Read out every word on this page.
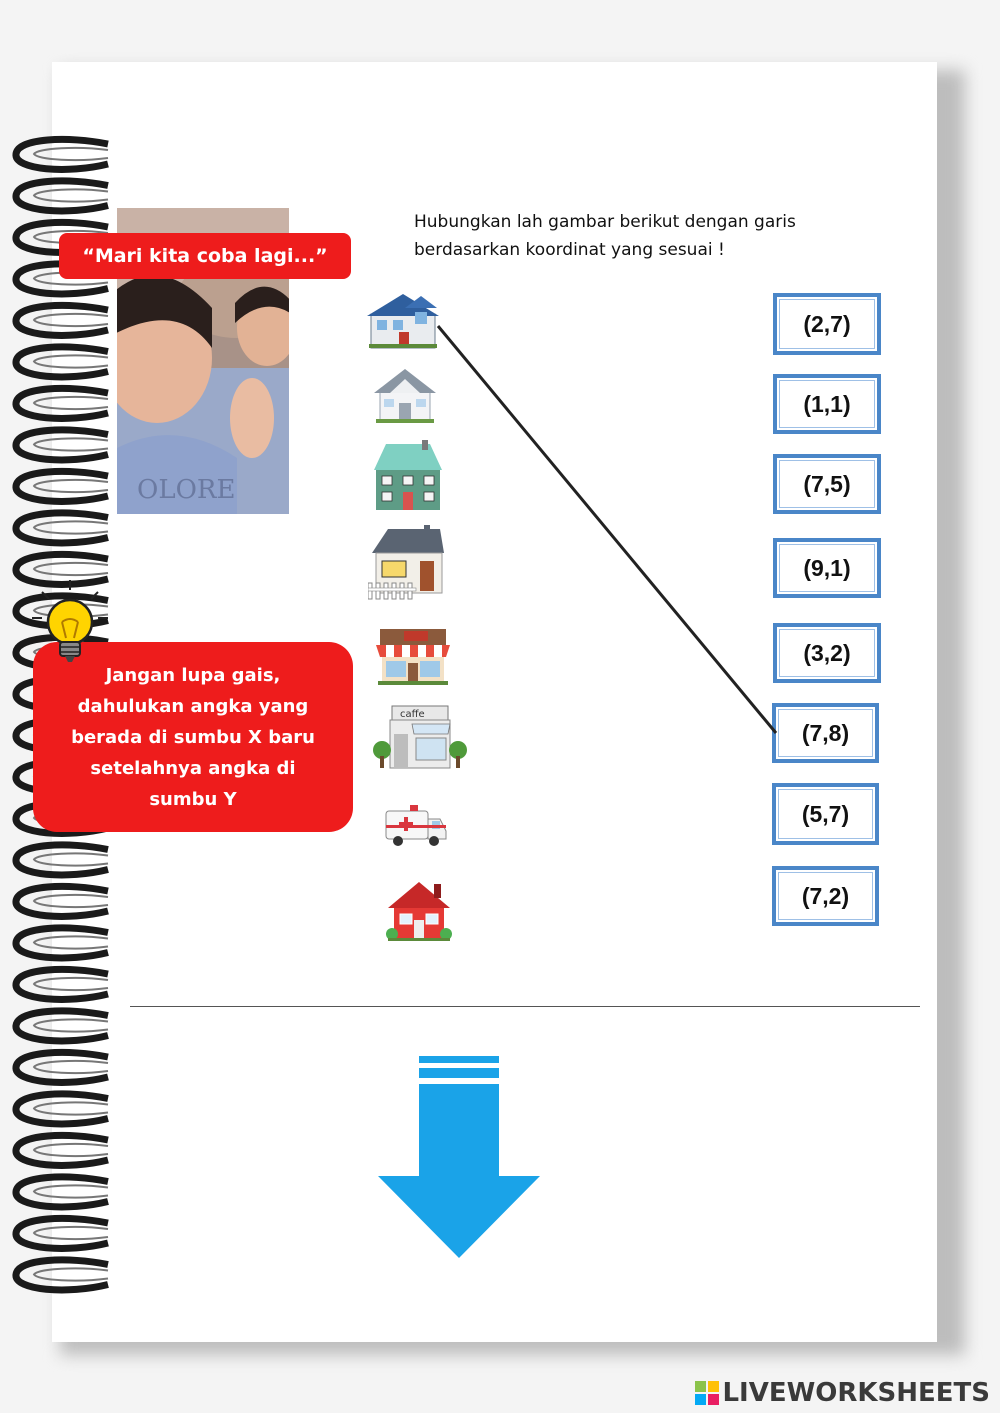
OLORE
“Mari kita coba lagi...”
Hubungkan lah gambar berikut dengan garis
berdasarkan koordinat yang sesuai !
Jangan lupa gais,
dahulukan angka yang
berada di sumbu X baru
setelahnya angka di
sumbu Y
caffe
(2,7)
(1,1)
(7,5)
(9,1)
(3,2)
(7,8)
(5,7)
(7,2)
LIVEWORKSHEETS
